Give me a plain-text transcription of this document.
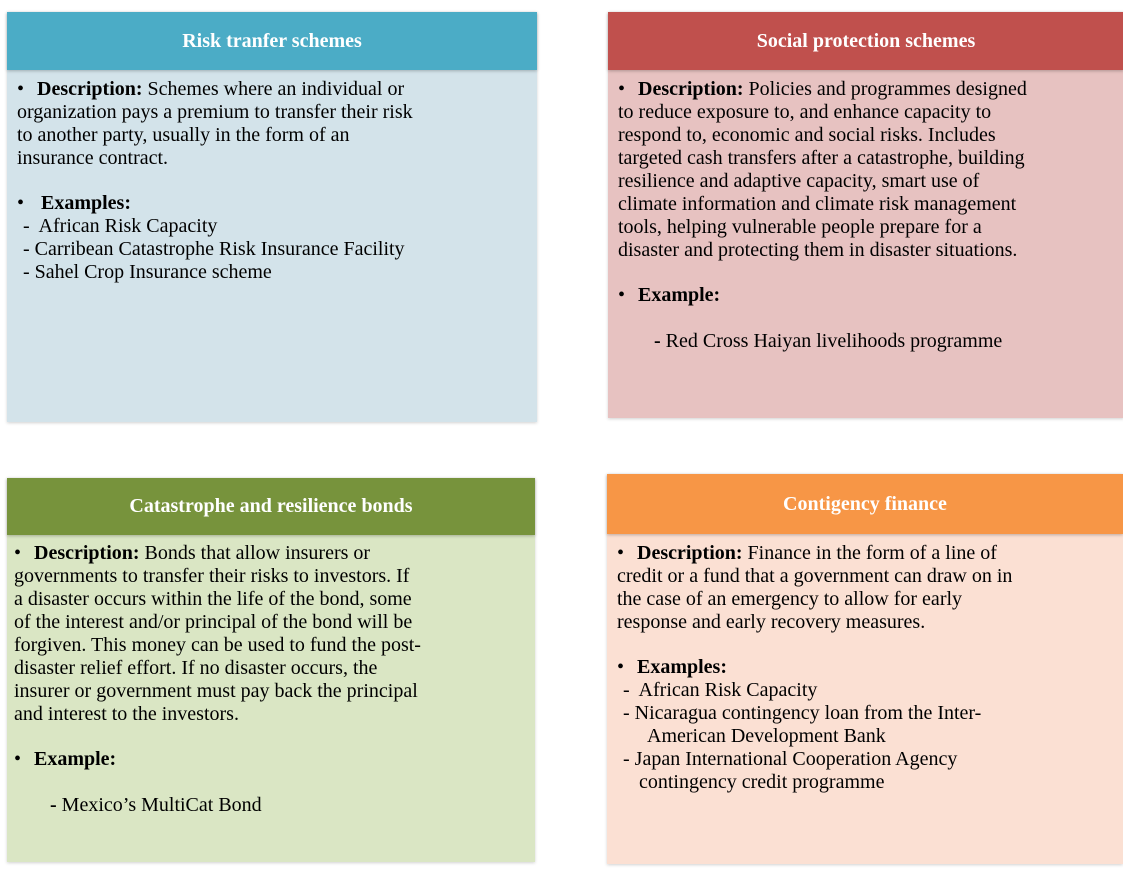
Risk tranfer schemes
• Description: Schemes where an individual or
organization pays a premium to transfer their risk
to another party, usually in the form of an
insurance contract.
• Examples:
-  African Risk Capacity
- Carribean Catastrophe Risk Insurance Facility
- Sahel Crop Insurance scheme
Social protection schemes
• Description: Policies and programmes designed
to reduce exposure to, and enhance capacity to
respond to, economic and social risks. Includes
targeted cash transfers after a catastrophe, building
resilience and adaptive capacity, smart use of
climate information and climate risk management
tools, helping vulnerable people prepare for a
disaster and protecting them in disaster situations.
• Example:

- Red Cross Haiyan livelihoods programme

Catastrophe and resilience bonds
• Description: Bonds that allow insurers or
governments to transfer their risks to investors. If
a disaster occurs within the life of the bond, some
of the interest and/or principal of the bond will be
forgiven. This money can be used to fund the post-
disaster relief effort. If no disaster occurs, the
insurer or government must pay back the principal
and interest to the investors.
• Example:

- Mexico’s MultiCat Bond

Contigency finance
• Description: Finance in the form of a line of
credit or a fund that a government can draw on in
the case of an emergency to allow for early
response and early recovery measures.
• Examples:
-  African Risk Capacity
- Nicaragua contingency loan from the Inter-
American Development Bank
- Japan International Cooperation Agency
contingency credit programme
